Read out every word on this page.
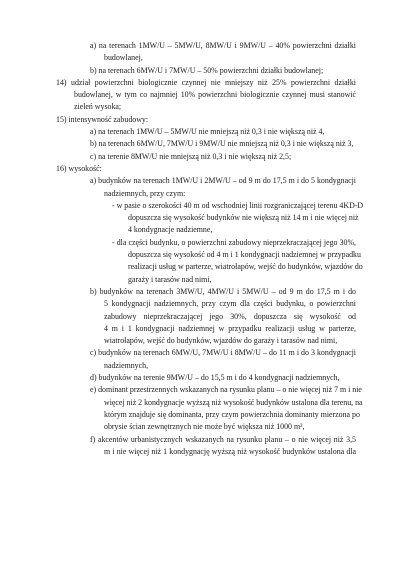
a) na terenach 1MW/U – 5MW/U, 8MW/U i 9MW/U – 40% powierzchni działki
budowlanej,
b) na terenach 6MW/U i 7MW/U – 50% powierzchni działki budowlanej;
14) udział powierzchni biologicznie czynnej nie mniejszy niż 25% powierzchni działki
budowlanej, w tym co najmniej 10% powierzchni biologicznie czynnej musi stanowić
zieleń wysoka;
15) intensywność zabudowy:
a) na terenach 1MW/U – 5MW/U nie mniejszą niż 0,3 i nie większą niż 4,
b) na terenach 6MW/U, 7MW/U i 9MW/U nie mniejszą niż 0,3 i nie większą niż 3,
c) na terenie 8MW/U nie mniejszą niż 0,3 i nie większą niż 2,5;
16) wysokość:
a) budynków na terenach 1MW/U i 2MW/U – od 9 m do 17,5 m i do 5 kondygnacji
nadziemnych, przy czym:
- w pasie o szerokości 40 m od wschodniej linii rozgraniczającej terenu 4KD-D
dopuszcza się wysokość budynków nie większą niż 14 m i nie więcej niż
4 kondygnacje nadziemne,
- dla części budynku, o powierzchni zabudowy nieprzekraczającej jego 30%,
dopuszcza się wysokość od 4 m i 1 kondygnacji nadziemnej w przypadku
realizacji usług w parterze, wiatrołapów, wejść do budynków, wjazdów do
garaży i tarasów nad nimi,
b) budynków na terenach 3MW/U, 4MW/U i 5MW/U – od 9 m do 17,5 m i do
5 kondygnacji nadziemnych, przy czym dla części budynku, o powierzchni
zabudowy nieprzekraczającej jego 30%, dopuszcza się wysokość od
4 m i 1 kondygnacji nadziemnej w przypadku realizacji usług w parterze,
wiatrołapów, wejść do budynków, wjazdów do garaży i tarasów nad nimi,
c) budynków na terenach 6MW/U, 7MW/U i 8MW/U – do 11 m i do 3 kondygnacji
nadziemnych,
d) budynków na terenie 9MW/U – do 15,5 m i do 4 kondygnacji nadziemnych,
e) dominant przestrzennych wskazanych na rysunku planu – o nie więcej niż 7 m i nie
więcej niż 2 kondygnacje wyższą niż wysokość budynków ustalona dla terenu, na
którym znajduje się dominanta, przy czym powierzchnia dominanty mierzona po
obrysie ścian zewnętrznych nie może być większa niż 1000 m²,
f) akcentów urbanistycznych wskazanych na rysunku planu – o nie więcej niż 3,5
m i nie więcej niż 1 kondygnację wyższą niż wysokość budynków ustalona dla
